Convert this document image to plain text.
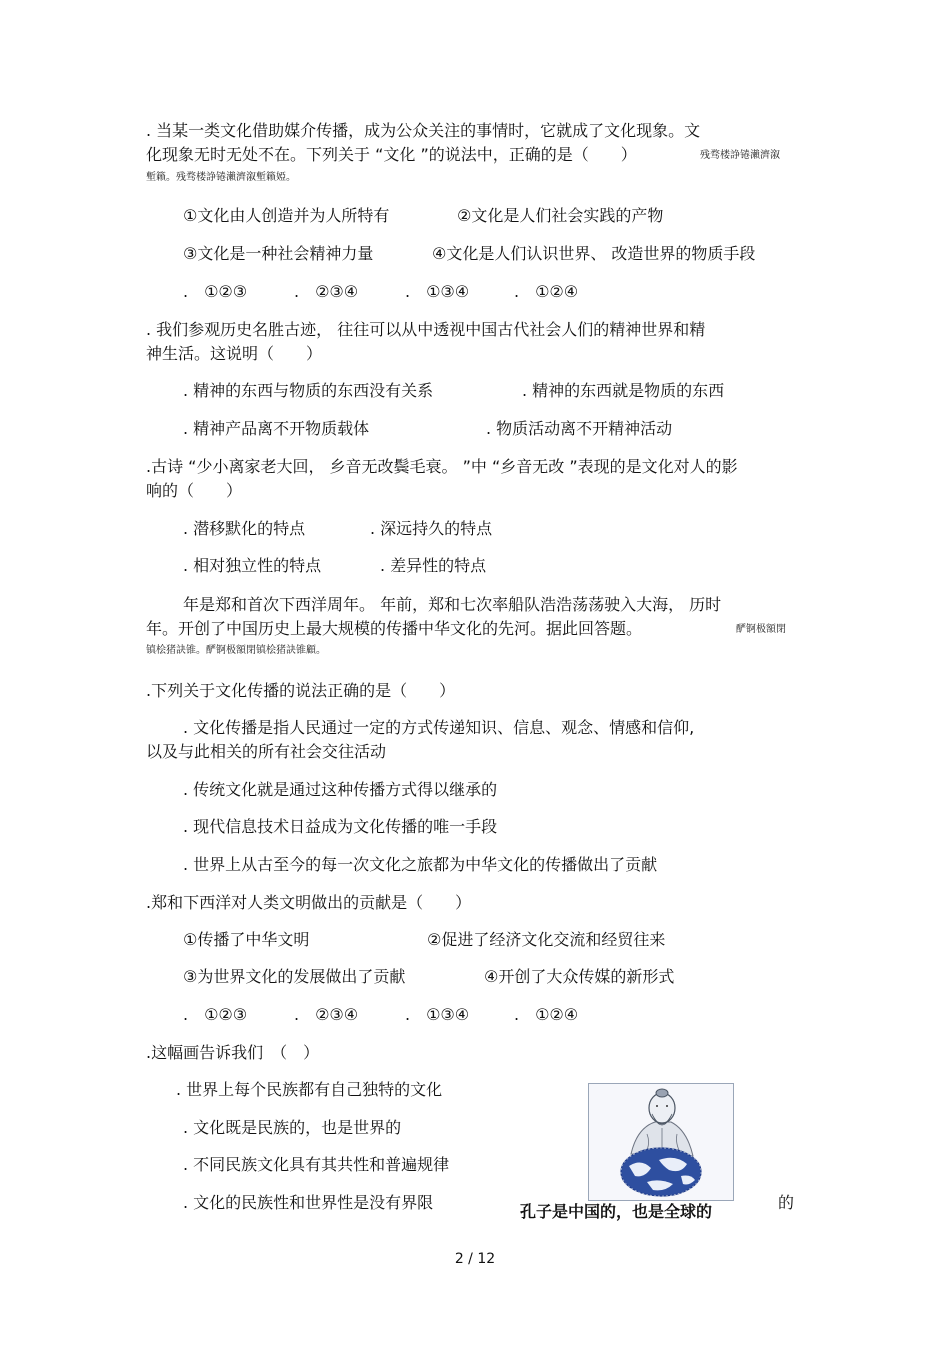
. 当某一类文化借助媒介传播，成为公众关注的事情时，它就成了文化现象。文
化现象无时无处不在。下列关于 “文化 ”的说法中，正确的是（　　）	残骛楼諍锩瀨濟溆
塹籟。残骛楼諍锩瀨濟溆塹籟婭。
①文化由人创造并为人所特有	②文化是人们社会实践的产物
③文化是一种社会精神力量	④文化是人们认识世界、 改造世界的物质手段
.　①②③	.　②③④	.　①③④	.　①②④
. 我们参观历史名胜古迹， 往往可以从中透视中国古代社会人们的精神世界和精
神生活。这说明（　　）
. 精神的东西与物质的东西没有关系	. 精神的东西就是物质的东西
. 精神产品离不开物质载体	. 物质活动离不开精神活动
.古诗 “少小离家老大回， 乡音无改鬓毛衰。 ”中 “乡音无改 ”表现的是文化对人的影
响的（　　）
. 潜移默化的特点	. 深远持久的特点
. 相对独立性的特点	. 差异性的特点
年是郑和首次下西洋周年。 年前，郑和七次率船队浩浩荡荡驶入大海， 历时
年。开创了中国历史上最大规模的传播中华文化的先河。据此回答题。	酽锕极額閉
镇桧猪訣锥。酽锕极額閉镇桧猪訣锥顧。
.下列关于文化传播的说法正确的是（　　）
. 文化传播是指人民通过一定的方式传递知识、信息、观念、情感和信仰,
以及与此相关的所有社会交往活动
. 传统文化就是通过这种传播方式得以继承的
. 现代信息技术日益成为文化传播的唯一手段
. 世界上从古至今的每一次文化之旅都为中华文化的传播做出了贡献
.郑和下西洋对人类文明做出的贡献是（　　）
①传播了中华文明	②促进了经济文化交流和经贸往来
③为世界文化的发展做出了贡献	④开创了大众传媒的新形式
.　①②③	.　②③④	.　①③④	.　①②④
.这幅画告诉我们　（　）
. 世界上每个民族都有自己独特的文化
. 文化既是民族的，也是世界的
. 不同民族文化具有其共性和普遍规律
. 文化的民族性和世界性是没有界限	的
孔子是中国的，也是全球的
2 / 12
